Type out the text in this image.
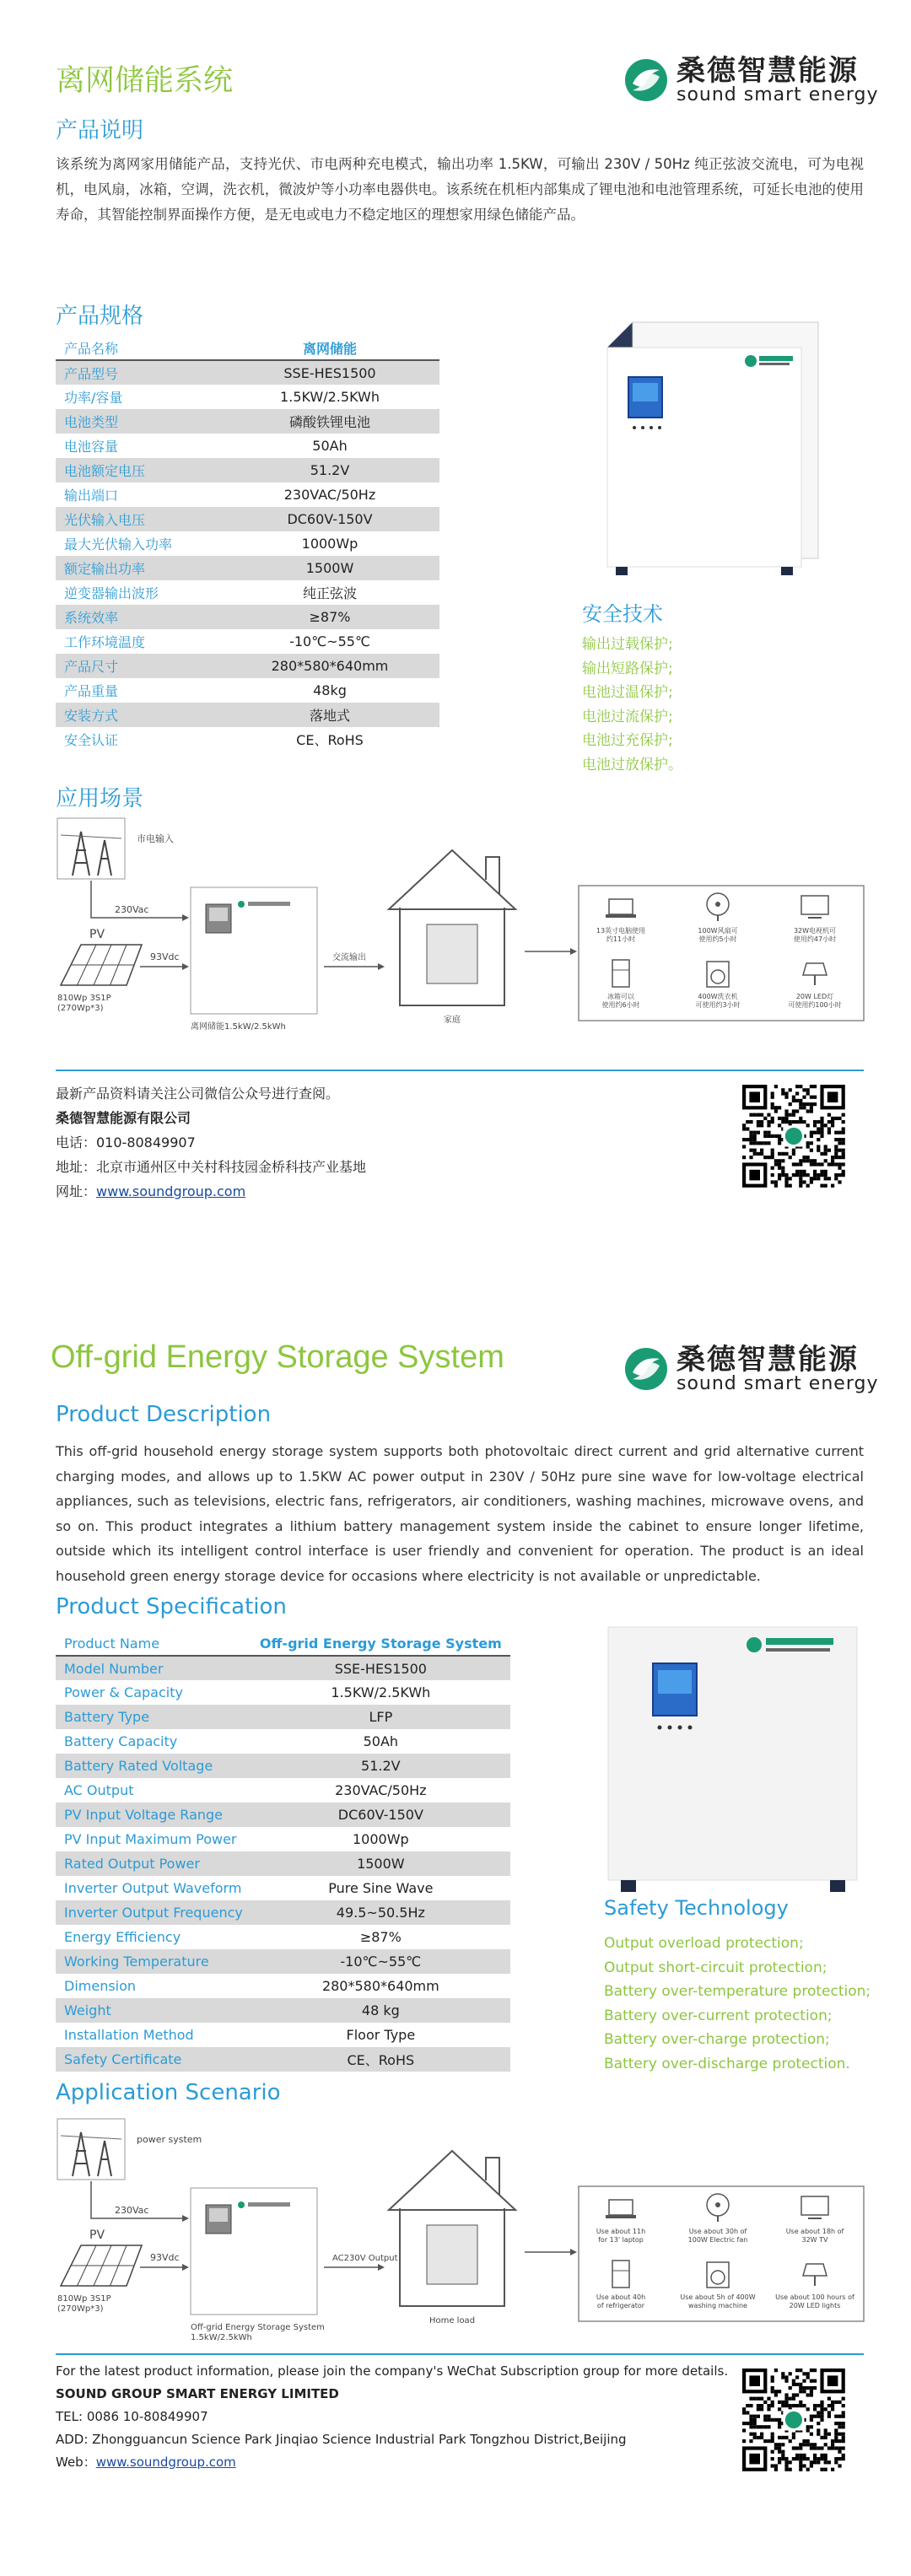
离网储能系统	桑德智慧能源
sound smart energy
产品说明
该系统为离网家用储能产品，支持光伏、市电两种充电模式，输出功率 1.5KW，可输出 230V / 50Hz 纯正弦波交流电，可为电视机，电风扇，冰箱，空调，洗衣机，微波炉等小功率电器供电。该系统在机柜内部集成了锂电池和电池管理系统，可延长电池的使用寿命，其智能控制界面操作方便，是无电或电力不稳定地区的理想家用绿色储能产品。
产品规格
产品名称	离网储能
产品型号	SSE-HES1500
功率/容量	1.5KW/2.5KWh
电池类型	磷酸铁锂电池
电池容量	50Ah
电池额定电压	51.2V
输出端口	230VAC/50Hz
光伏输入电压	DC60V-150V
最大光伏输入功率	1000Wp
额定输出功率	1500W
逆变器输出波形	纯正弦波
系统效率	≥87%
工作环境温度	-10℃~55℃
产品尺寸	280*580*640mm
产品重量	48kg
安装方式	落地式
安全认证	CE、RoHS
安全技术
输出过载保护;
输出短路保护;
电池过温保护;
电池过流保护;
电池过充保护;
电池过放保护。
应用场景
市电输入
230Vac
PV
810Wp 3S1P (270Wp*3)
93Vdc
离网储能1.5kW/2.5kWh
交流输出
家庭
13英寸电脑使用约11小时
100W风扇可使用约5小时
32W电视机可使用约47小时
冰箱可以使用约6小时
400W洗衣机可使用约3小时
20W LED灯可使用约100小时
最新产品资料请关注公司微信公众号进行查阅。
桑德智慧能源有限公司
电话：010-80849907
地址：北京市通州区中关村科技园金桥科技产业基地
网址：www.soundgroup.com
Off-grid Energy Storage System	桑德智慧能源
sound smart energy
Product Description
This off-grid household energy storage system supports both photovoltaic direct current and grid alternative current charging modes, and allows up to 1.5KW AC power output in 230V / 50Hz pure sine wave for low-voltage electrical appliances, such as televisions, electric fans, refrigerators, air conditioners, washing machines, microwave ovens, and so on. This product integrates a lithium battery management system inside the cabinet to ensure longer lifetime, outside which its intelligent control interface is user friendly and convenient for operation. The product is an ideal household green energy storage device for occasions where electricity is not available or unpredictable.
Product Specification
Product Name	Off-grid Energy Storage System
Model Number	SSE-HES1500
Power & Capacity	1.5KW/2.5KWh
Battery Type	LFP
Battery Capacity	50Ah
Battery Rated Voltage	51.2V
AC Output	230VAC/50Hz
PV Input Voltage Range	DC60V-150V
PV Input Maximum Power	1000Wp
Rated Output Power	1500W
Inverter Output Waveform	Pure Sine Wave
Inverter Output Frequency	49.5~50.5Hz
Energy Efficiency	≥87%
Working Temperature	-10℃~55℃
Dimension	280*580*640mm
Weight	48 kg
Installation Method	Floor Type
Safety Certificate	CE、RoHS
Safety Technology
Output overload protection;
Output short-circuit protection;
Battery over-temperature protection;
Battery over-current protection;
Battery over-charge protection;
Battery over-discharge protection.
Application Scenario
power system
230Vac
PV
810Wp 3S1P (270Wp*3)
93Vdc
Off-grid Energy Storage System 1.5kW/2.5kWh
AC230V Output
Home load
Use about 11h for 13' laptop
Use about 30h of 100W Electric fan
Use about 18h of 32W TV
Use about 40h of refrigerator
Use about 5h of 400W washing machine
Use about 100 hours of 20W LED lights
For the latest product information, please join the company's WeChat Subscription group for more details.
SOUND GROUP SMART ENERGY LIMITED
TEL: 0086 10-80849907
ADD: Zhongguancun Science Park Jinqiao Science Industrial Park Tongzhou District,Beijing
Web：www.soundgroup.com
